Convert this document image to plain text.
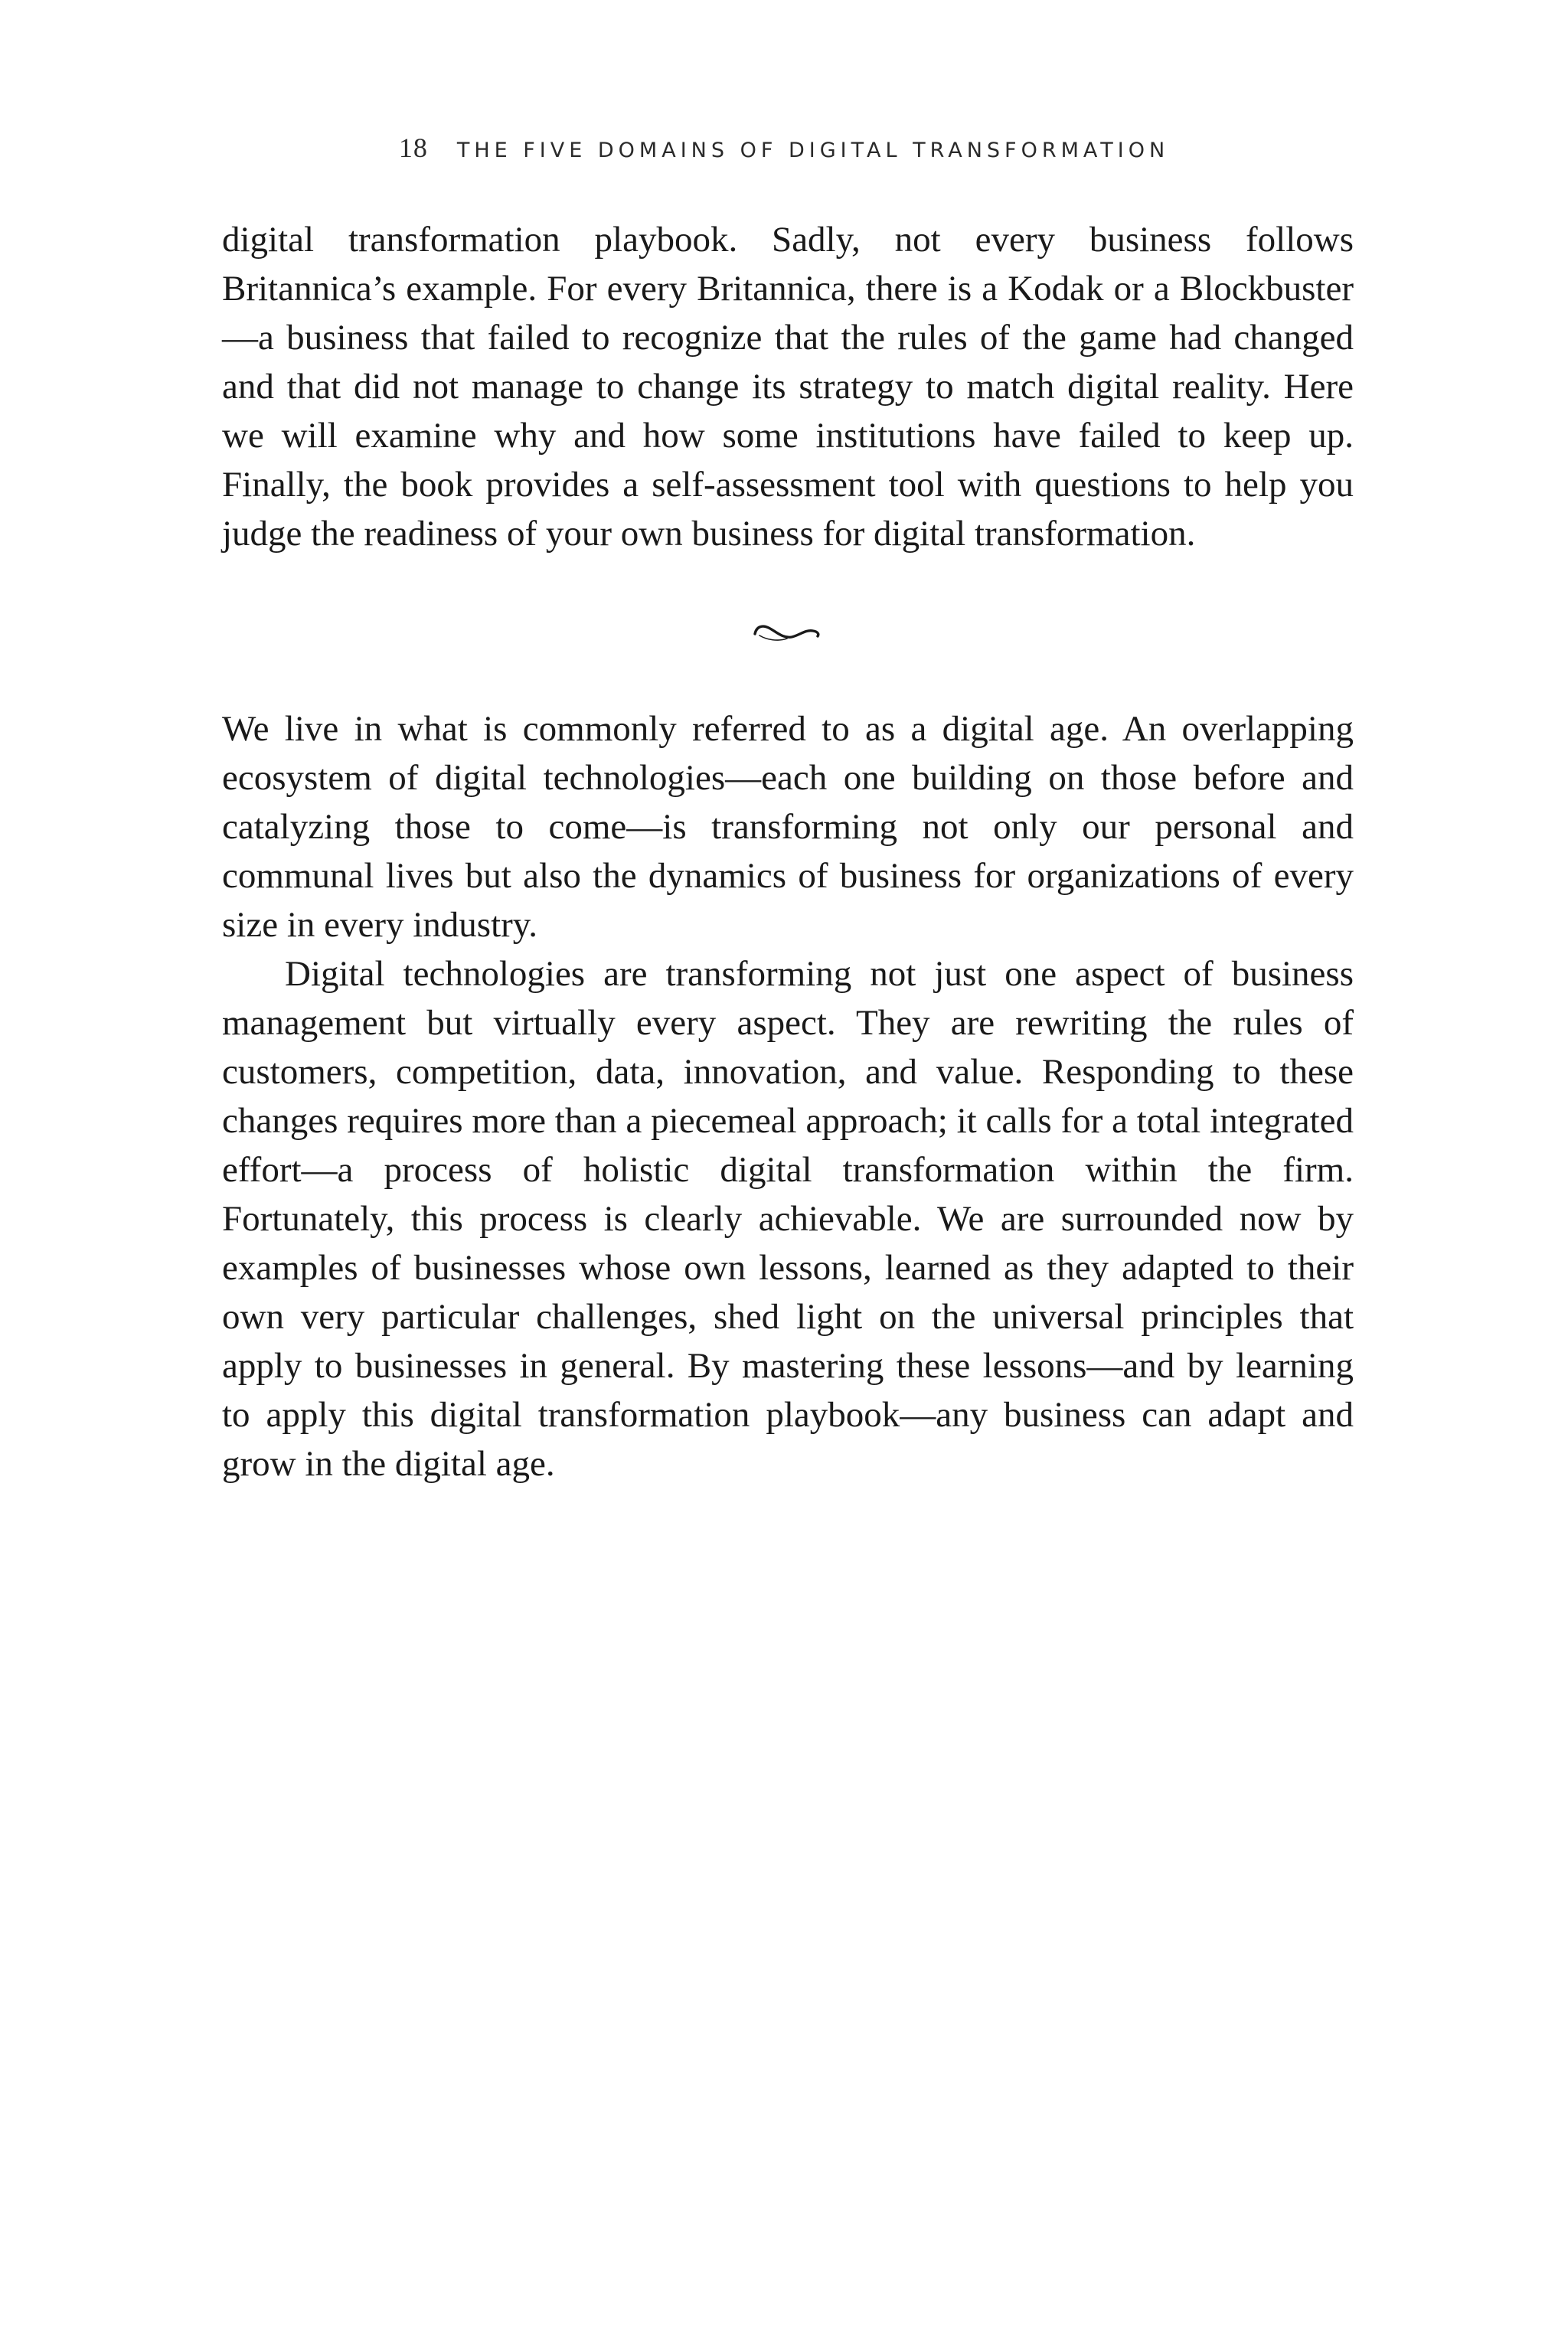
18 THE FIVE DOMAINS OF DIGITAL TRANSFORMATION

digital transformation playbook. Sadly, not every business follows Britannica’s example. For every Britannica, there is a Kodak or a Blockbuster—a business that failed to recognize that the rules of the game had changed and that did not manage to change its strategy to match digital reality. Here we will examine why and how some institutions have failed to keep up. Finally, the book provides a self-assessment tool with questions to help you judge the readiness of your own business for digital transformation.

We live in what is commonly referred to as a digital age. An overlapping ecosystem of digital technologies—each one building on those before and catalyzing those to come—is transforming not only our personal and communal lives but also the dynamics of business for organizations of every size in every industry.

Digital technologies are transforming not just one aspect of business management but virtually every aspect. They are rewriting the rules of customers, competition, data, innovation, and value. Responding to these changes requires more than a piecemeal approach; it calls for a total integrated effort—a process of holistic digital transformation within the firm. Fortunately, this process is clearly achievable. We are surrounded now by examples of businesses whose own lessons, learned as they adapted to their own very particular challenges, shed light on the universal principles that apply to businesses in general. By mastering these lessons—and by learning to apply this digital transformation playbook—any business can adapt and grow in the digital age.
